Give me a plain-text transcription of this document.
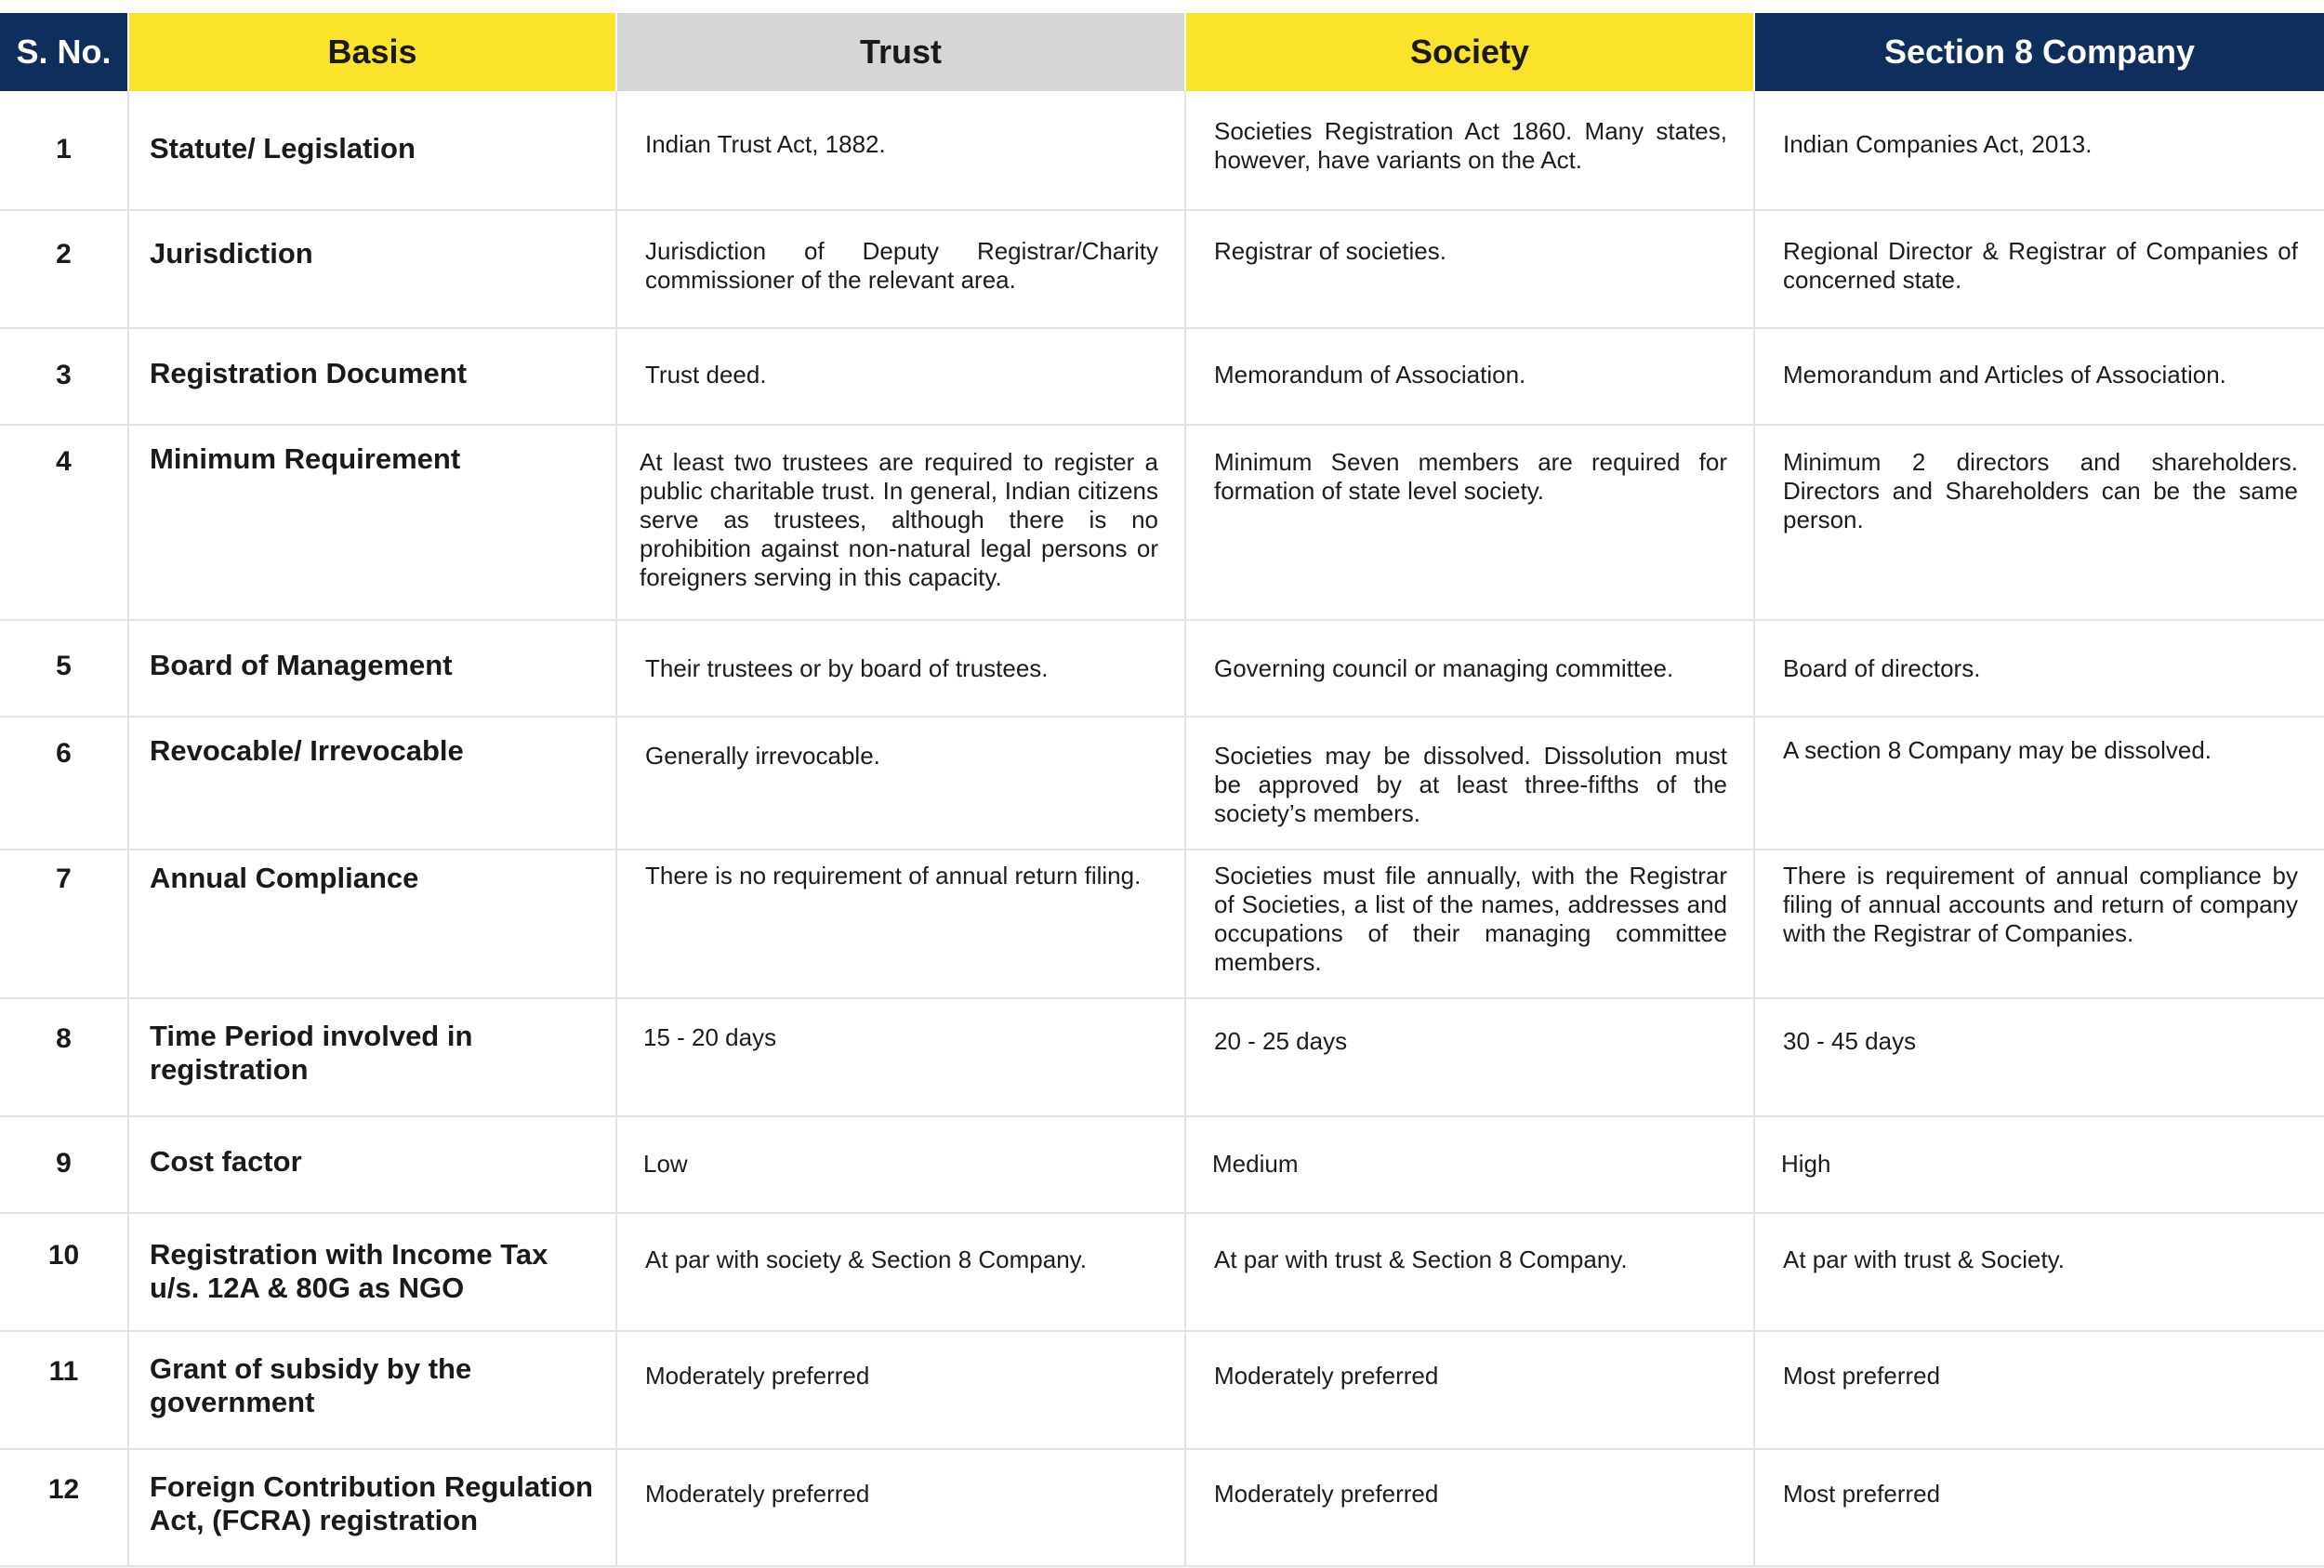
S. No.	Basis	Trust	Society	Section 8 Company
1	Statute/ Legislation	Indian Trust Act, 1882.	Societies Registration Act 1860. Many states, however, have variants on the Act.	Indian Companies Act, 2013.
2	Jurisdiction	Jurisdiction of Deputy Registrar/Charity commissioner of the relevant area.	Registrar of societies.	Regional Director & Registrar of Companies of concerned state.
3	Registration Document	Trust deed.	Memorandum of Association.	Memorandum and Articles of Association.
4	Minimum Requirement	At least two trustees are required to register a public charitable trust. In general, Indian citizens serve as trustees, although there is no prohibition against non-natural legal persons or foreigners serving in this capacity.	Minimum Seven members are required for formation of state level society.	Minimum 2 directors and shareholders. Directors and Shareholders can be the same person.
5	Board of Management	Their trustees or by board of trustees.	Governing council or managing committee.	Board of directors.
6	Revocable/ Irrevocable	Generally irrevocable.	Societies may be dissolved. Dissolution must be approved by at least three-fifths of the society’s members.	A section 8 Company may be dissolved.
7	Annual Compliance	There is no requirement of annual return filing.	Societies must file annually, with the Registrar of Societies, a list of the names, addresses and occupations of their managing committee members.	There is requirement of annual compliance by filing of annual accounts and return of company with the Registrar of Companies.
8	Time Period involved in registration	15 - 20 days	20 - 25 days	30 - 45 days
9	Cost factor	Low	Medium	High
10	Registration with Income Tax u/s. 12A & 80G as NGO	At par with society & Section 8 Company.	At par with trust & Section 8 Company.	At par with trust & Society.
11	Grant of subsidy by the government	Moderately preferred	Moderately preferred	Most preferred
12	Foreign Contribution Regulation Act, (FCRA) registration	Moderately preferred	Moderately preferred	Most preferred
